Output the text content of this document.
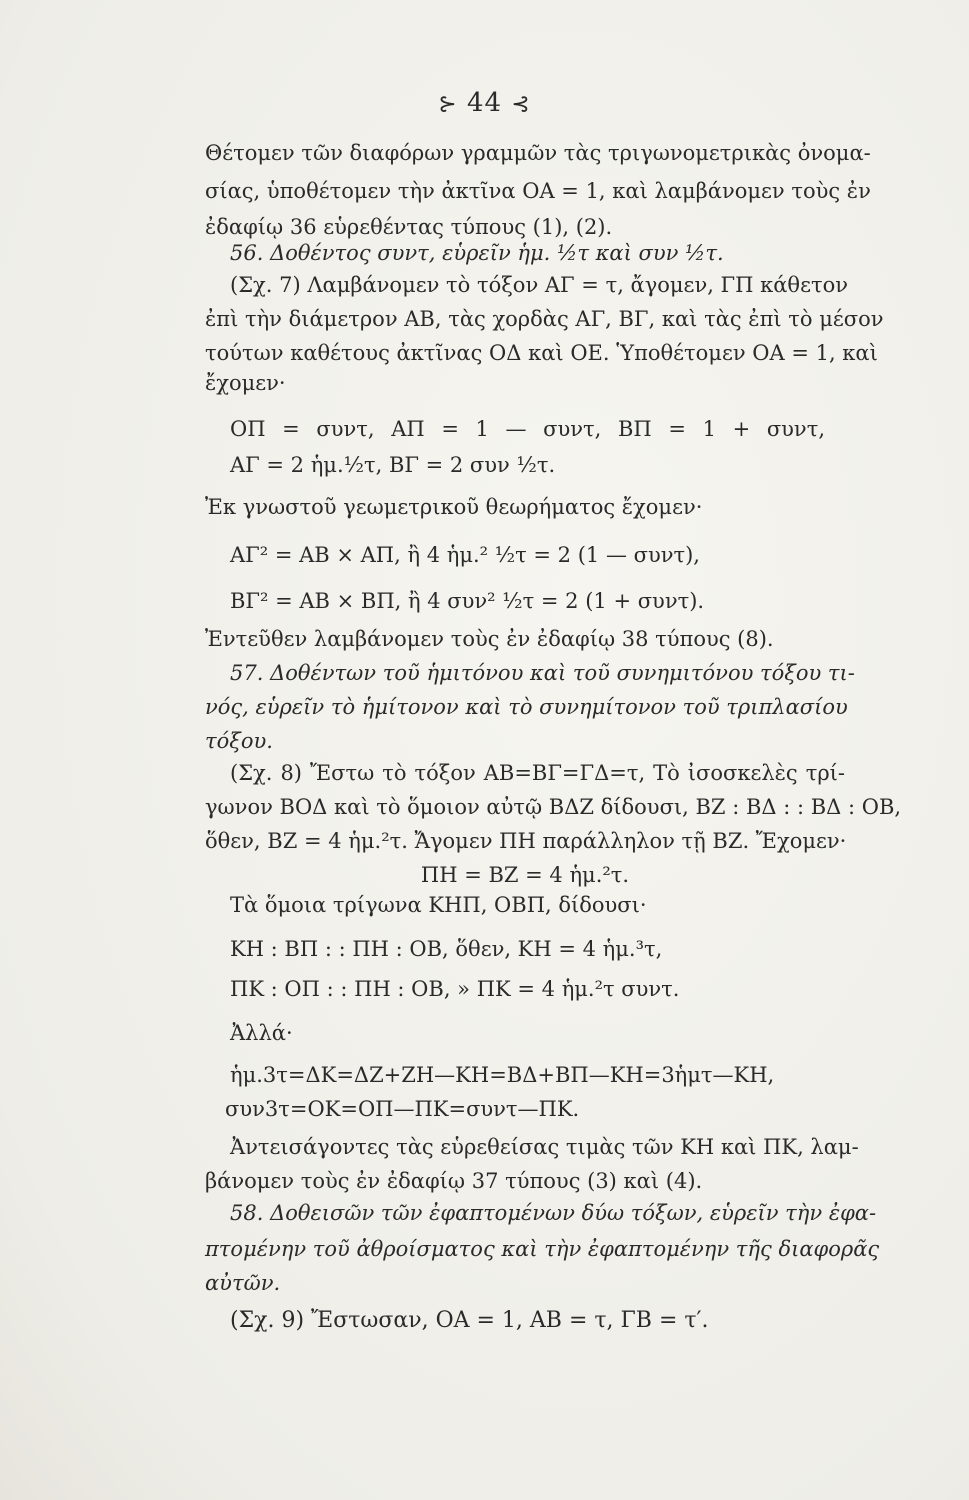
⊱ 44 ⊰
Θέτομεν τῶν διαφόρων γραμμῶν τὰς τριγωνομετρικὰς ὀνομα-
σίας, ὑποθέτομεν τὴν ἀκτῖνα ΟΑ = 1, καὶ λαμβάνομεν τοὺς ἐν
ἐδαφίῳ 36 εὑρεθέντας τύπους (1), (2).
56. Δοθέντος συντ, εὑρεῖν ἡμ. ½τ καὶ συν ½τ.
(Σχ. 7) Λαμβάνομεν τὸ τόξον ΑΓ = τ, ἄγομεν, ΓΠ κάθετον
ἐπὶ τὴν διάμετρον ΑΒ, τὰς χορδὰς ΑΓ, ΒΓ, καὶ τὰς ἐπὶ τὸ μέσον
τούτων καθέτους ἀκτῖνας ΟΔ καὶ ΟΕ. Ὑποθέτομεν ΟΑ = 1, καὶ
ἔχομεν·
ΟΠ = συντ, ΑΠ = 1 — συντ, ΒΠ = 1 + συντ,
ΑΓ = 2 ἡμ.½τ, ΒΓ = 2 συν ½τ.
Ἐκ γνωστοῦ γεωμετρικοῦ θεωρήματος ἔχομεν·
ΑΓ² = ΑΒ × ΑΠ, ἢ 4 ἡμ.² ½τ = 2 (1 — συντ),
ΒΓ² = ΑΒ × ΒΠ, ἢ 4 συν² ½τ = 2 (1 + συντ).
Ἐντεῦθεν λαμβάνομεν τοὺς ἐν ἐδαφίῳ 38 τύπους (8).
57. Δοθέντων τοῦ ἡμιτόνου καὶ τοῦ συνημιτόνου τόξου τι-
νός, εὑρεῖν τὸ ἡμίτονον καὶ τὸ συνημίτονον τοῦ τριπλασίου
τόξου.
(Σχ. 8) Ἔστω τὸ τόξον ΑΒ=ΒΓ=ΓΔ=τ, Τὸ ἰσοσκελὲς τρί-
γωνον ΒΟΔ καὶ τὸ ὅμοιον αὐτῷ ΒΔΖ δίδουσι, ΒΖ : ΒΔ : : ΒΔ : ΟΒ,
ὅθεν, ΒΖ = 4 ἡμ.²τ. Ἄγομεν ΠΗ παράλληλον τῇ ΒΖ. Ἔχομεν·
ΠΗ = ΒΖ = 4 ἡμ.²τ.
Τὰ ὅμοια τρίγωνα ΚΗΠ, ΟΒΠ, δίδουσι·
ΚΗ : ΒΠ : : ΠΗ : ΟΒ, ὅθεν, ΚΗ = 4 ἡμ.³τ,
ΠΚ : ΟΠ : : ΠΗ : ΟΒ, » ΠΚ = 4 ἡμ.²τ συντ.
Ἀλλά·
ἡμ.3τ=ΔΚ=ΔΖ+ΖΗ—ΚΗ=ΒΔ+ΒΠ—ΚΗ=3ἡμτ—ΚΗ,
συν3τ=ΟΚ=ΟΠ—ΠΚ=συντ—ΠΚ.
Ἀντεισάγοντες τὰς εὑρεθείσας τιμὰς τῶν ΚΗ καὶ ΠΚ, λαμ-
βάνομεν τοὺς ἐν ἐδαφίῳ 37 τύπους (3) καὶ (4).
58. Δοθεισῶν τῶν ἐφαπτομένων δύω τόξων, εὑρεῖν τὴν ἐφα-
πτομένην τοῦ ἀθροίσματος καὶ τὴν ἐφαπτομένην τῆς διαφορᾶς
αὐτῶν.
(Σχ. 9) Ἔστωσαν, ΟΑ = 1, ΑΒ = τ, ΓΒ = τ′.
